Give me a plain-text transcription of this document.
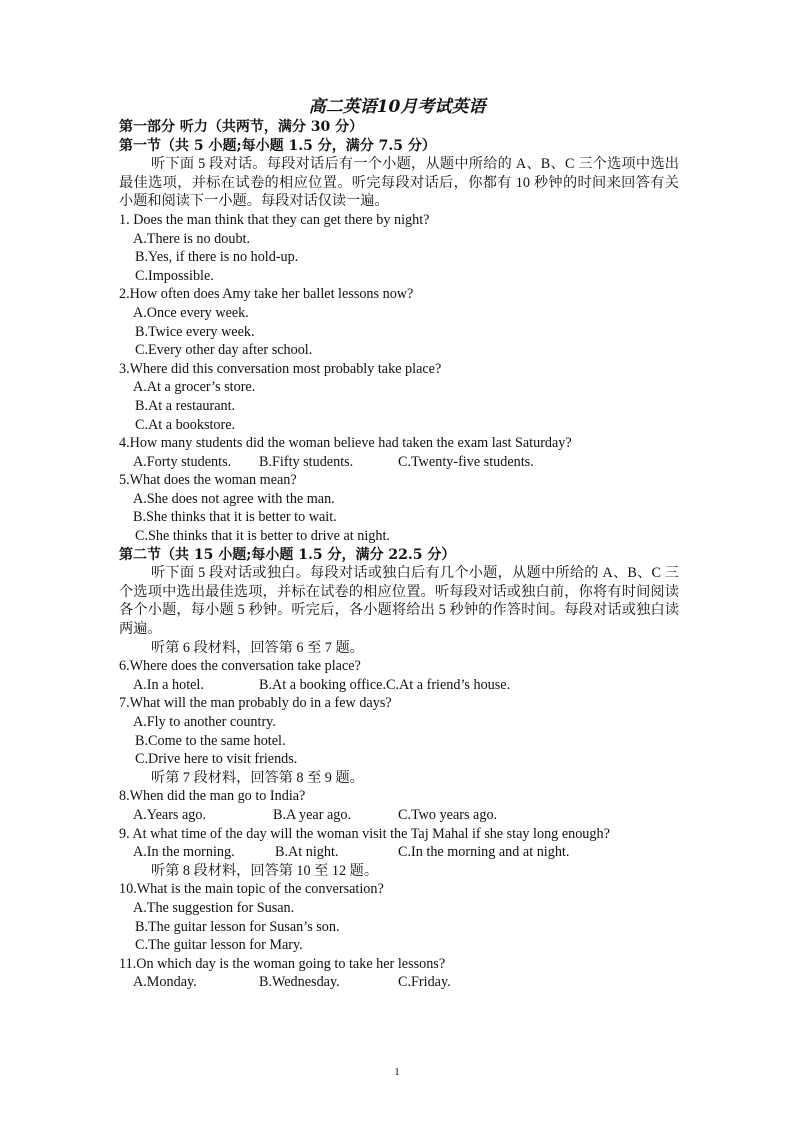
高二英语10月考试英语
第一部分 听力（共两节，满分 30 分）
第一节（共 5 小题;每小题 1.5 分，满分 7.5 分）
听下面 5 段对话。每段对话后有一个小题，从题中所给的 A、B、C 三个选项中选出最佳选项，并标在试卷的相应位置。听完每段对话后，你都有 10 秒钟的时间来回答有关小题和阅读下一小题。每段对话仅读一遍。
1. Does the man think that they can get there by night?
A.There is no doubt.
B.Yes, if there is no hold-up.
C.Impossible.
2.How often does Amy take her ballet lessons now?
A.Once every week.
B.Twice every week.
C.Every other day after school.
3.Where did this conversation most probably take place?
A.At a grocer’s store.
B.At a restaurant.
C.At a bookstore.
4.How many students did the woman believe had taken the exam last Saturday?
A.Forty students.	B.Fifty students.	C.Twenty-five students.
5.What does the woman mean?
A.She does not agree with the man.
B.She thinks that it is better to wait.
C.She thinks that it is better to drive at night.
第二节（共 15 小题;每小题 1.5 分，满分 22.5 分）
听下面 5 段对话或独白。每段对话或独白后有几个小题，从题中所给的 A、B、C 三个选项中选出最佳选项，并标在试卷的相应位置。听每段对话或独白前，你将有时间阅读各个小题，每小题 5 秒钟。听完后，各小题将给出 5 秒钟的作答时间。每段对话或独白读两遍。
听第 6 段材料，回答第 6 至 7 题。
6.Where does the conversation take place?
A.In a hotel.	B.At a booking office. C.At a friend’s house.
7.What will the man probably do in a few days?
A.Fly to another country.
B.Come to the same hotel.
C.Drive here to visit friends.
听第 7 段材料，回答第 8 至 9 题。
8.When did the man go to India?
A.Years ago.	B.A year ago.	C.Two years ago.
9. At what time of the day will the woman visit the Taj Mahal if she stay long enough?
A.In the morning.	B.At night.	C.In the morning and at night.
听第 8 段材料，回答第 10 至 12 题。
10.What is the main topic of the conversation?
A.The suggestion for Susan.
B.The guitar lesson for Susan’s son.
C.The guitar lesson for Mary.
11.On which day is the woman going to take her lessons?
A.Monday.	B.Wednesday.	C.Friday.
1
